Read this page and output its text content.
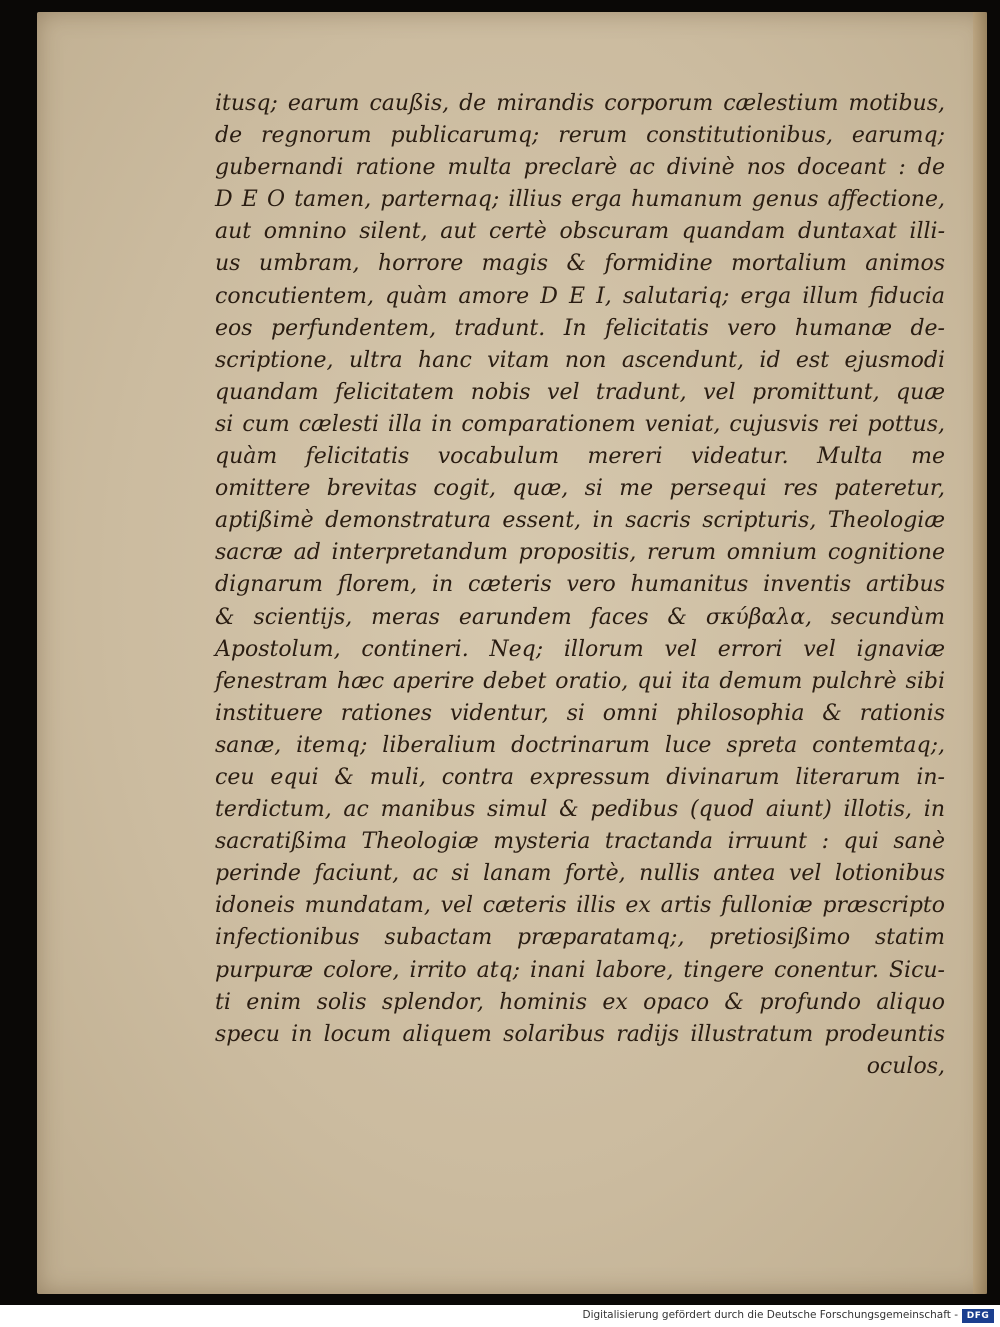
itusq; earum caußis, de mirandis corporum cælestium motibus,
de regnorum publicarumq; rerum constitutionibus, earumq;
gubernandi ratione multa preclarè ac divinè nos doceant : de
D E O tamen, parternaq; illius erga humanum genus affectione,
aut omnino silent, aut certè obscuram quandam duntaxat illi-
us umbram, horrore magis & formidine mortalium animos
concutientem, quàm amore D E I, salutariq; erga illum fiducia
eos perfundentem, tradunt. In felicitatis vero humanæ de-
scriptione, ultra hanc vitam non ascendunt, id est ejusmodi
quandam felicitatem nobis vel tradunt, vel promittunt, quæ
si cum cælesti illa in comparationem veniat, cujusvis rei pottus,
quàm felicitatis vocabulum mereri videatur. Multa me
omittere brevitas cogit, quæ, si me persequi res pateretur,
aptißimè demonstratura essent, in sacris scripturis, Theologiæ
sacræ ad interpretandum propositis, rerum omnium cognitione
dignarum florem, in cæteris vero humanitus inventis artibus
& scientijs, meras earundem faces & σκύβαλα, secundùm
Apostolum, contineri. Neq; illorum vel errori vel ignaviæ
fenestram hæc aperire debet oratio, qui ita demum pulchrè sibi
instituere rationes videntur, si omni philosophia & rationis
sanæ, itemq; liberalium doctrinarum luce spreta contemtaq;,
ceu equi & muli, contra expressum divinarum literarum in-
terdictum, ac manibus simul & pedibus (quod aiunt) illotis, in
sacratißima Theologiæ mysteria tractanda irruunt : qui sanè
perinde faciunt, ac si lanam fortè, nullis antea vel lotionibus
idoneis mundatam, vel cæteris illis ex artis fulloniæ præscripto
infectionibus subactam præparatamq;, pretiosißimo statim
purpuræ colore, irrito atq; inani labore, tingere conentur. Sicu-
ti enim solis splendor, hominis ex opaco & profundo aliquo
specu in locum aliquem solaribus radijs illustratum prodeuntis
oculos,
Digitalisierung gefördert durch die Deutsche Forschungsgemeinschaft - DFG
